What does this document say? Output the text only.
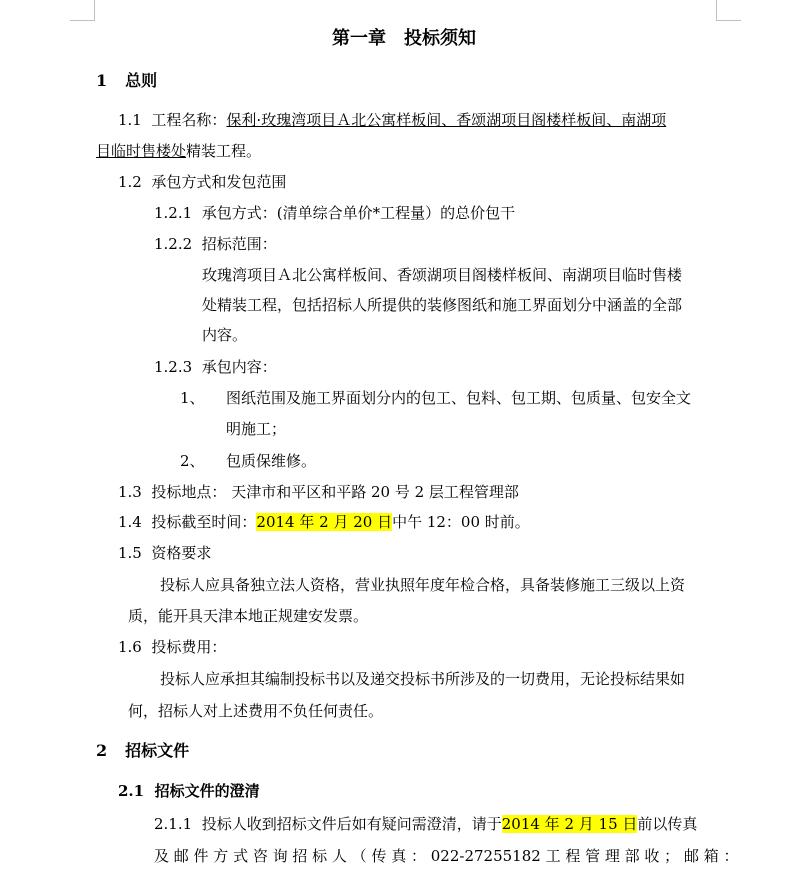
第一章　投标须知
1 总则
1.1 工程名称：保利·玫瑰湾项目Ａ北公寓样板间、香颂湖项目阁楼样板间、南湖项
目临时售楼处精装工程。
1.2 承包方式和发包范围
1.2.1 承包方式：(清单综合单价*工程量）的总价包干
1.2.2 招标范围：
玫瑰湾项目Ａ北公寓样板间、香颂湖项目阁楼样板间、南湖项目临时售楼
处精装工程，包括招标人所提供的装修图纸和施工界面划分中涵盖的全部
内容。
1.2.3 承包内容：
1、 图纸范围及施工界面划分内的包工、包料、包工期、包质量、包安全文
明施工；
2、 包质保维修。
1.3 投标地点： 天津市和平区和平路 20 号 2 层工程管理部
1.4 投标截至时间：2014 年 2 月 20 日中午 12：00 时前。
1.5 资格要求
投标人应具备独立法人资格，营业执照年度年检合格，具备装修施工三级以上资
质，能开具天津本地正规建安发票。
1.6 投标费用：
投标人应承担其编制投标书以及递交投标书所涉及的一切费用，无论投标结果如
何，招标人对上述费用不负任何责任。
2 招标文件
2.1 招标文件的澄清
2.1.1 投标人收到招标文件后如有疑问需澄清，请于2014 年 2 月 15 日前以传真
及 邮 件 方 式 咨 询 招 标 人 （ 传 真 ： 022-27255182 工 程 管 理 部 收 ； 邮 箱 ：
